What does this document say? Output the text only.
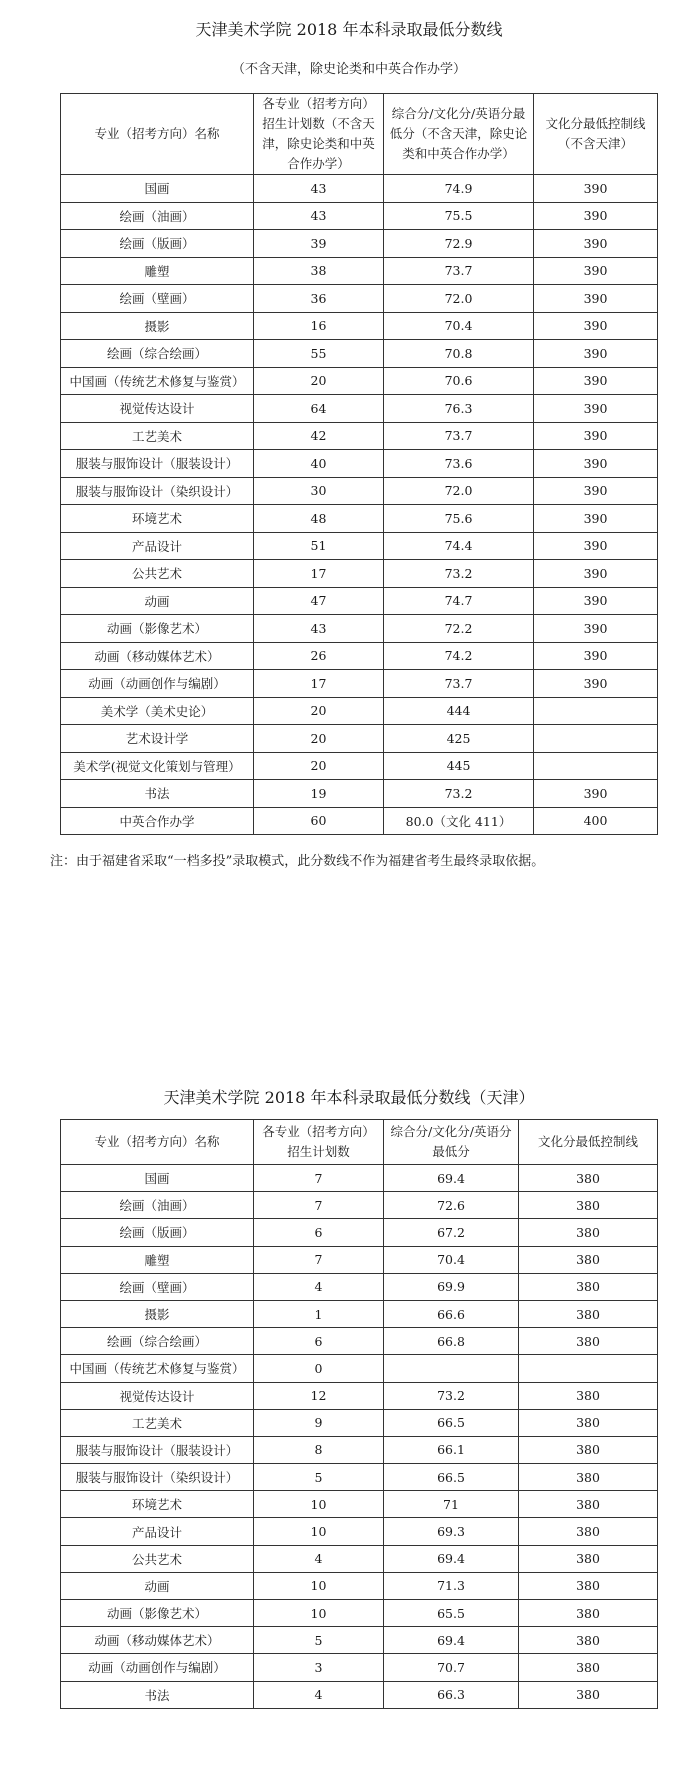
天津美术学院 2018 年本科录取最低分数线
（不含天津，除史论类和中英合作办学）
专业（招考方向）名称	各专业（招考方向）招生计划数（不含天津，除史论类和中英合作办学）	综合分/文化分/英语分最低分（不含天津，除史论类和中英合作办学）	文化分最低控制线（不含天津）
国画	43	74.9	390
绘画（油画）	43	75.5	390
绘画（版画）	39	72.9	390
雕塑	38	73.7	390
绘画（壁画）	36	72.0	390
摄影	16	70.4	390
绘画（综合绘画）	55	70.8	390
中国画（传统艺术修复与鉴赏）	20	70.6	390
视觉传达设计	64	76.3	390
工艺美术	42	73.7	390
服装与服饰设计（服装设计）	40	73.6	390
服装与服饰设计（染织设计）	30	72.0	390
环境艺术	48	75.6	390
产品设计	51	74.4	390
公共艺术	17	73.2	390
动画	47	74.7	390
动画（影像艺术）	43	72.2	390
动画（移动媒体艺术）	26	74.2	390
动画（动画创作与编剧）	17	73.7	390
美术学（美术史论）	20	444	
艺术设计学	20	425	
美术学(视觉文化策划与管理）	20	445	
书法	19	73.2	390
中英合作办学	60	80.0（文化 411）	400
注：由于福建省采取“一档多投”录取模式，此分数线不作为福建省考生最终录取依据。
天津美术学院 2018 年本科录取最低分数线（天津）
专业（招考方向）名称	各专业（招考方向）招生计划数	综合分/文化分/英语分最低分	文化分最低控制线
国画	7	69.4	380
绘画（油画）	7	72.6	380
绘画（版画）	6	67.2	380
雕塑	7	70.4	380
绘画（壁画）	4	69.9	380
摄影	1	66.6	380
绘画（综合绘画）	6	66.8	380
中国画（传统艺术修复与鉴赏）	0		
视觉传达设计	12	73.2	380
工艺美术	9	66.5	380
服装与服饰设计（服装设计）	8	66.1	380
服装与服饰设计（染织设计）	5	66.5	380
环境艺术	10	71	380
产品设计	10	69.3	380
公共艺术	4	69.4	380
动画	10	71.3	380
动画（影像艺术）	10	65.5	380
动画（移动媒体艺术）	5	69.4	380
动画（动画创作与编剧）	3	70.7	380
书法	4	66.3	380
